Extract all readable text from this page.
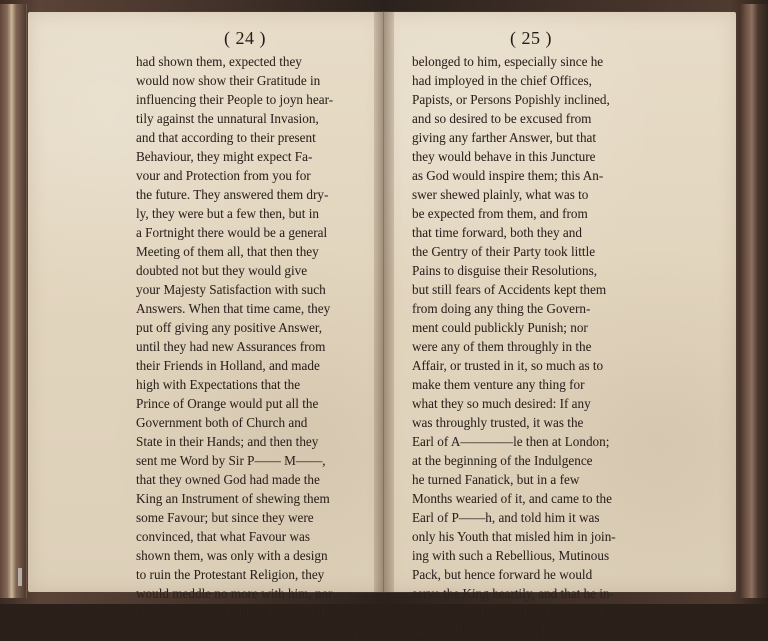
( 24 )
had shown them, expected they
would now show their Gratitude in
influencing their People to joyn hear-
tily against the unnatural Invasion,
and that according to their present
Behaviour, they might expect Fa-
vour and Protection from you for
the future. They answered them dry-
ly, they were but a few then, but in
a Fortnight there would be a general
Meeting of them all, that then they
doubted not but they would give
your Majesty Satisfaction with such
Answers. When that time came, they
put off giving any positive Answer,
until they had new Assurances from
their Friends in Holland, and made
high with Expectations that the
Prince of Orange would put all the
Government both of Church and
State in their Hands; and then they
sent me Word by Sir P—— M——,
that they owned God had made the
King an Instrument of shewing them
some Favour; but since they were
convinced, that what Favour was
shown them, was only with a design
to ruin the Protestant Religion, they
would meddle no more with him, nor
have any Communion with any that
belonged
( 25 )
belonged to him, especially since he
had imployed in the chief Offices,
Papists, or Persons Popishly inclined,
and so desired to be excused from
giving any farther Answer, but that
they would behave in this Juncture
as God would inspire them; this An-
swer shewed plainly, what was to
be expected from them, and from
that time forward, both they and
the Gentry of their Party took little
Pains to disguise their Resolutions,
but still fears of Accidents kept them
from doing any thing the Govern-
ment could publickly Punish; nor
were any of them throughly in the
Affair, or trusted in it, so much as to
make them venture any thing for
what they so much desired: If any
was throughly trusted, it was the
Earl of A————le then at London;
at the beginning of the Indulgence
he turned Fanatick, but in a few
Months wearied of it, and came to the
Earl of P——h, and told him it was
only his Youth that misled him in join-
ing with such a Rebellious, Mutinous
Pack, but hence forward he would
serve the King heartily, and that he in-
tended to go for London immediately,
and to offer his Service. D There-
